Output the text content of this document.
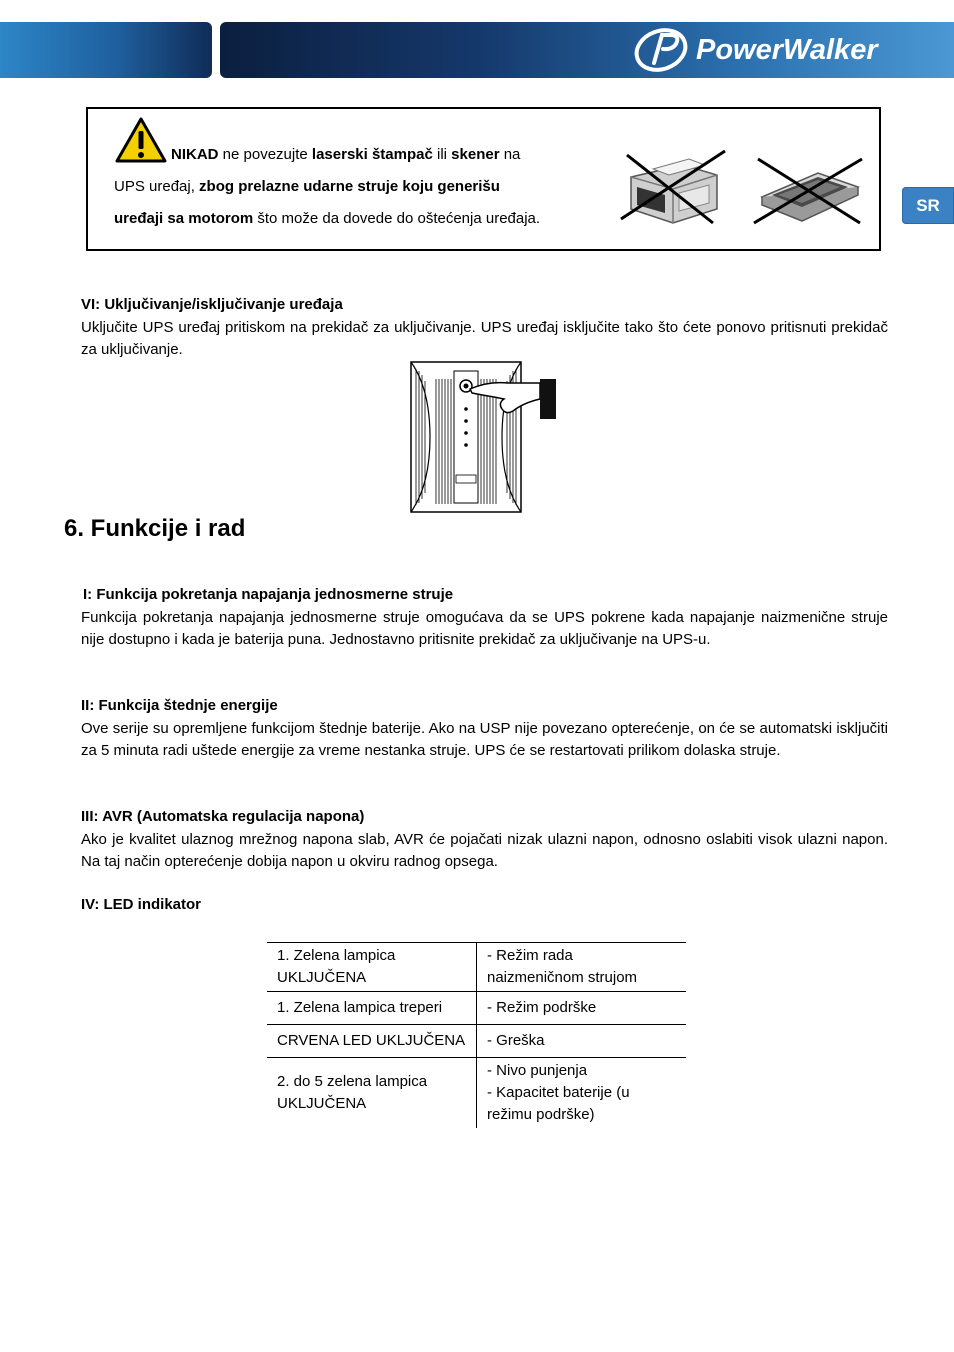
PowerWalker
SR
NIKAD ne povezujte laserski štampač ili skener na
UPS uređaj, zbog prelazne udarne struje koju generišu
uređaji sa motorom što može da dovede do oštećenja uređaja.
VI: Uključivanje/isključivanje uređaja

Uključite UPS uređaj pritiskom na prekidač za uključivanje. UPS uređaj isključite tako što ćete ponovo pritisnuti prekidač za uključivanje.

6. Funkcije i rad
I: Funkcija pokretanja napajanja jednosmerne struje

Funkcija pokretanja napajanja jednosmerne struje omogućava da se UPS pokrene kada napajanje naizmenične struje nije dostupno i kada je baterija puna. Jednostavno pritisnite prekidač za uključivanje na UPS-u.

II: Funkcija štednje energije

Ove serije su opremljene funkcijom štednje baterije. Ako na USP nije povezano opterećenje, on će se automatski isključiti za 5 minuta radi uštede energije za vreme nestanka struje. UPS će se restartovati prilikom dolaska struje.

III: AVR (Automatska regulacija napona)

Ako je kvalitet ulaznog mrežnog napona slab, AVR će pojačati nizak ulazni napon, odnosno oslabiti visok ulazni napon. Na taj način opterećenje dobija napon u okviru radnog opsega.

IV: LED indikator
1. Zelena lampica
UKLJUČENA	- Režim rada
naizmeničnom strujom
1. Zelena lampica treperi	- Režim podrške
CRVENA LED UKLJUČENA	- Greška
2. do 5 zelena lampica
UKLJUČENA	- Nivo punjenja
- Kapacitet baterije (u
režimu podrške)
